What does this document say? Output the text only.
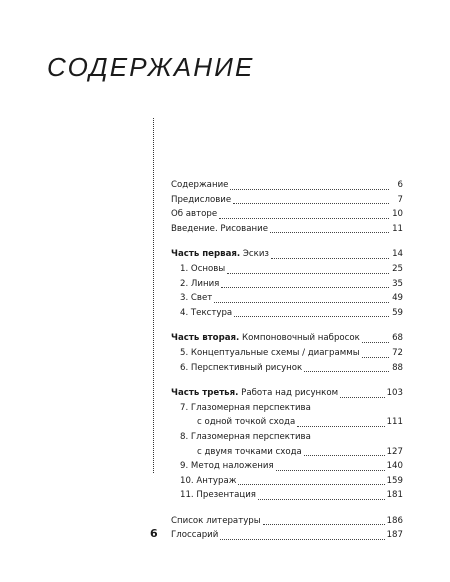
СОДЕРЖАНИЕ
Содержание	6
Предисловие	7
Об авторе	10
Введение. Рисование	11
Часть первая. Эскиз	14
1. Основы	25
2. Линия	35
3. Свет	49
4. Текстура	59
Часть вторая. Компоновочный набросок	68
5. Концептуальные схемы / диаграммы	72
6. Перспективный рисунок	88
Часть третья. Работа над рисунком	103
7. Глазомерная перспектива
с одной точкой схода	111
8. Глазомерная перспектива
с двумя точками схода	127
9. Метод наложения	140
10. Антураж	159
11. Презентация	181
Список литературы	186
Глоссарий	187
6
